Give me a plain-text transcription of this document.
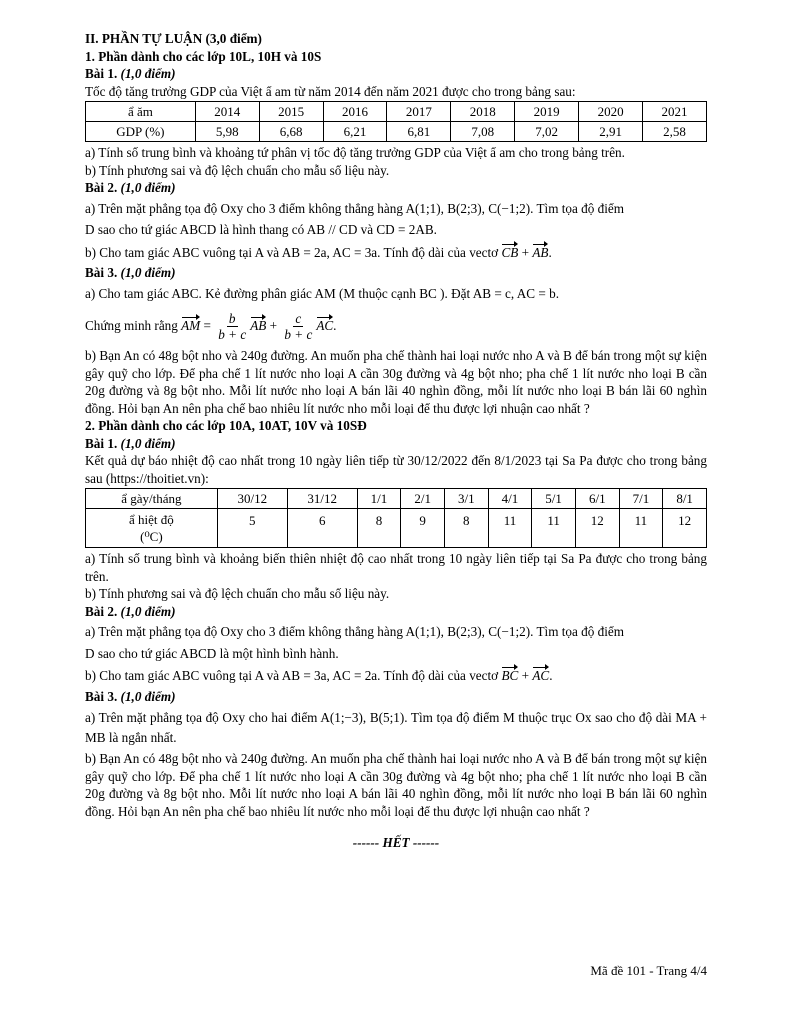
II. PHẦN TỰ LUẬN (3,0 điểm)

1. Phần dành cho các lớp 10L, 10H và 10S

Bài 1. (1,0 điểm)

Tốc độ tăng trưởng GDP của Việt ẩ am từ năm 2014 đến năm 2021 được cho trong bảng sau:

ẩ ăm	2014	2015	2016	2017	2018	2019	2020	2021
GDP (%)	5,98	6,68	6,21	6,81	7,08	7,02	2,91	2,58

a) Tính số trung bình và khoảng tứ phân vị tốc độ tăng trưởng GDP của Việt ẩ am cho trong bảng trên.

b) Tính phương sai và độ lệch chuẩn cho mẫu số liệu này.

Bài 2. (1,0 điểm)

a) Trên mặt phẳng tọa độ Oxy cho 3 điểm không thẳng hàng A(1;1), B(2;3), C(−1;2). Tìm tọa độ điểm

D sao cho tứ giác ABCD là hình thang có AB // CD và CD = 2AB.

b) Cho tam giác ABC vuông tại A và AB = 2a, AC = 3a. Tính độ dài của vectơ CB + AB.

Bài 3. (1,0 điểm)

a) Cho tam giác ABC. Kẻ đường phân giác AM (M thuộc cạnh BC ). Đặt AB = c, AC = b.

Chứng minh rằng
AM = $\frac{b}{b + c}$ AB + $\frac{c}{b + c}$ AC .

b) Bạn An có 48g bột nho và 240g đường. An muốn pha chế thành hai loại nước nho A và B để bán trong một sự kiện gây quỹ cho lớp. Để pha chế 1 lít nước nho loại A cần 30g đường và 4g bột nho; pha chế 1 lít nước nho loại B cần 20g đường và 8g bột nho. Mỗi lít nước nho loại A bán lãi 40 nghìn đồng, mỗi lít nước nho loại B bán lãi 60 nghìn đồng. Hỏi bạn An nên pha chế bao nhiêu lít nước nho mỗi loại để thu được lợi nhuận cao nhất ?

2. Phần dành cho các lớp 10A, 10AT, 10V và 10SĐ

Bài 1. (1,0 điểm)

Kết quả dự báo nhiệt độ cao nhất trong 10 ngày liên tiếp từ 30/12/2022 đến 8/1/2023 tại Sa Pa được cho trong bảng sau (https://thoitiet.vn):

ẩ gày/tháng	30/12	31/12	1/1	2/1	3/1	4/1	5/1	6/1	7/1	8/1
ẩ hiệt độ
(⁰C)	5	6	8	9	8	11	11	12	11	12

a) Tính số trung bình và khoảng biến thiên nhiệt độ cao nhất trong 10 ngày liên tiếp tại Sa Pa được cho trong bảng trên.

b) Tính phương sai và độ lệch chuẩn cho mẫu số liệu này.

Bài 2. (1,0 điểm)

a) Trên mặt phẳng tọa độ Oxy cho 3 điểm không thẳng hàng A(1;1), B(2;3), C(−1;2). Tìm tọa độ điểm

D sao cho tứ giác ABCD là một hình bình hành.

b) Cho tam giác ABC vuông tại A và AB = 3a, AC = 2a. Tính độ dài của vectơ BC + AC.

Bài 3. (1,0 điểm)

a) Trên mặt phẳng tọa độ Oxy cho hai điểm A(1;−3), B(5;1). Tìm tọa độ điểm M thuộc trục Ox sao cho độ dài MA + MB là ngắn nhất.

b) Bạn An có 48g bột nho và 240g đường. An muốn pha chế thành hai loại nước nho A và B để bán trong một sự kiện gây quỹ cho lớp. Để pha chế 1 lít nước nho loại A cần 30g đường và 4g bột nho; pha chế 1 lít nước nho loại B cần 20g đường và 8g bột nho. Mỗi lít nước nho loại A bán lãi 40 nghìn đồng, mỗi lít nước nho loại B bán lãi 60 nghìn đồng. Hỏi bạn An nên pha chế bao nhiêu lít nước nho mỗi loại để thu được lợi nhuận cao nhất ?

------ HẾT ------

Mã đề 101 - Trang 4/4
